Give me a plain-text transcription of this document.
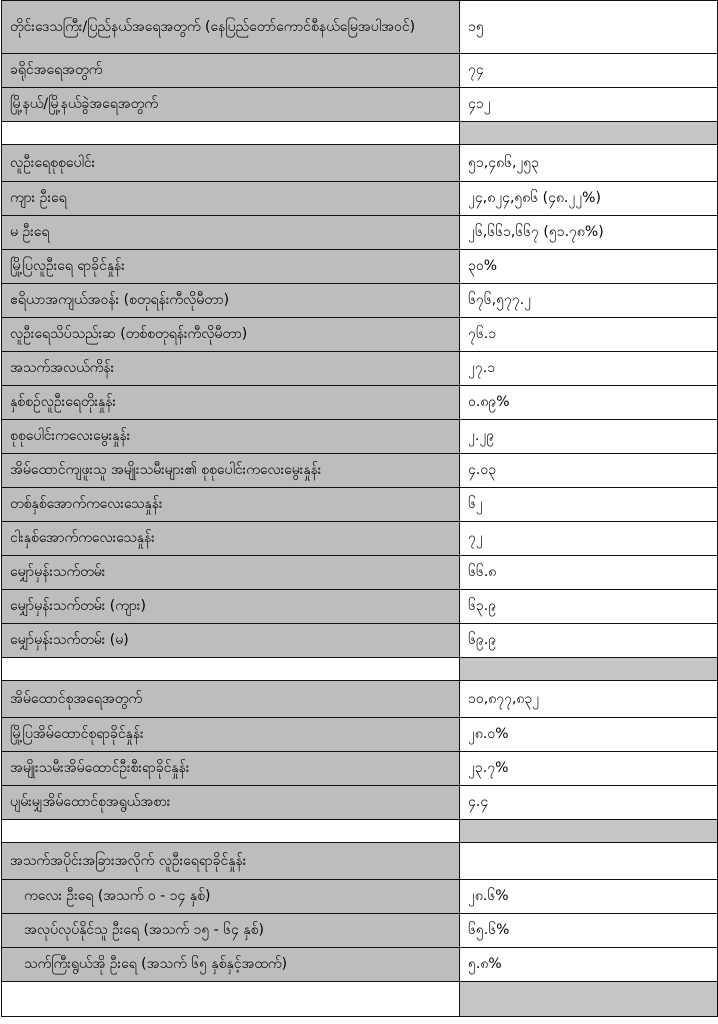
တိုင်းဒေသကြီး/ပြည်နယ်အရေအတွက် (နေပြည်တော်ကောင်စီနယ်မြေအပါအဝင်)	၁၅
ခရိုင်အရေအတွက်	၇၄
မြို့နယ်/မြို့နယ်ခွဲအရေအတွက်	၄၁၂

လူဦးရေစုစုပေါင်း	၅၁,၄၈၆,၂၅၃
ကျား ဦးရေ	၂၄,၈၂၄,၅၈၆ (၄၈.၂၂%)
မ ဦးရေ	၂၆,၆၆၁,၆၆၇ (၅၁.၇၈%)
မြို့ပြလူဦးရေ ရာခိုင်နှုန်း	၃၀%
ဧရိယာအကျယ်အဝန်း (စတုရန်းကီလိုမီတာ)	၆၇၆,၅၇၇.၂
လူဦးရေသိပ်သည်းဆ (တစ်စတုရန်းကီလိုမီတာ)	၇၆.၁
အသက်အလယ်ကိန်း	၂၇.၁
နှစ်စဉ်လူဦးရေတိုးနှုန်း	၀.၈၉%
စုစုပေါင်းကလေးမွေးနှုန်း	၂.၂၉
အိမ်ထောင်ကျဖူးသူ အမျိုးသမီးများ၏ စုစုပေါင်းကလေးမွေးနှုန်း	၄.၀၃
တစ်နှစ်အောက်ကလေးသေနှုန်း	၆၂
ငါးနှစ်အောက်ကလေးသေနှုန်း	၇၂
မျှော်မှန်းသက်တမ်း	၆၆.၈
မျှော်မှန်းသက်တမ်း (ကျား)	၆၃.၉
မျှော်မှန်းသက်တမ်း (မ)	၆၉.၉

အိမ်ထောင်စုအရေအတွက်	၁၀,၈၇၇,၈၃၂
မြို့ပြအိမ်ထောင်စုရာခိုင်နှုန်း	၂၈.၀%
အမျိုးသမီးအိမ်ထောင်ဦးစီးရာခိုင်နှုန်း	၂၃.၇%
ပျမ်းမျှအိမ်ထောင်စုအရွယ်အစား	၄.၄

အသက်အပိုင်းအခြားအလိုက် လူဦးရေရာခိုင်နှုန်း	
ကလေး ဦးရေ (အသက် ၀ - ၁၄ နှစ်)	၂၈.၆%
အလုပ်လုပ်နိုင်သူ ဦးရေ (အသက် ၁၅ - ၆၄ နှစ်)	၆၅.၆%
သက်ကြီးရွယ်အို ဦးရေ (အသက် ၆၅ နှစ်နှင့်အထက်)	၅.၈%
